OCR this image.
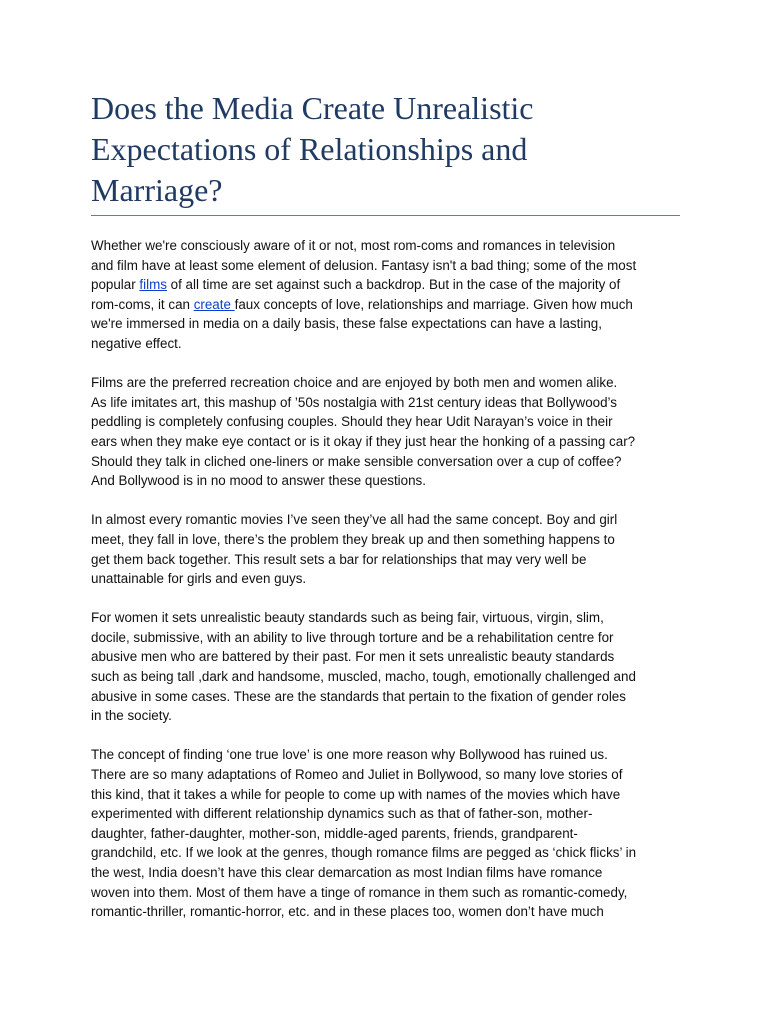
Does the Media Create Unrealistic
Expectations of Relationships and
Marriage?

Whether we're consciously aware of it or not, most rom-coms and romances in television
and film have at least some element of delusion. Fantasy isn't a bad thing; some of the most
popular films of all time are set against such a backdrop. But in the case of the majority of
rom-coms, it can create faux concepts of love, relationships and marriage. Given how much
we're immersed in media on a daily basis, these false expectations can have a lasting,
negative effect.

Films are the preferred recreation choice and are enjoyed by both men and women alike.
As life imitates art, this mashup of ’50s nostalgia with 21st century ideas that Bollywood’s
peddling is completely confusing couples. Should they hear Udit Narayan’s voice in their
ears when they make eye contact or is it okay if they just hear the honking of a passing car?
Should they talk in cliched one-liners or make sensible conversation over a cup of coffee?
And Bollywood is in no mood to answer these questions.

In almost every romantic movies I’ve seen they’ve all had the same concept. Boy and girl
meet, they fall in love, there’s the problem they break up and then something happens to
get them back together. This result sets a bar for relationships that may very well be
unattainable for girls and even guys.

For women it sets unrealistic beauty standards such as being fair, virtuous, virgin, slim,
docile, submissive, with an ability to live through torture and be a rehabilitation centre for
abusive men who are battered by their past. For men it sets unrealistic beauty standards
such as being tall ,dark and handsome, muscled, macho, tough, emotionally challenged and
abusive in some cases. These are the standards that pertain to the fixation of gender roles
in the society.

The concept of finding ‘one true love’ is one more reason why Bollywood has ruined us.
There are so many adaptations of Romeo and Juliet in Bollywood, so many love stories of
this kind, that it takes a while for people to come up with names of the movies which have
experimented with different relationship dynamics such as that of father-son, mother-
daughter, father-daughter, mother-son, middle-aged parents, friends, grandparent-
grandchild, etc. If we look at the genres, though romance films are pegged as ‘chick flicks’ in
the west, India doesn’t have this clear demarcation as most Indian films have romance
woven into them. Most of them have a tinge of romance in them such as romantic-comedy,
romantic-thriller, romantic-horror, etc. and in these places too, women don’t have much
